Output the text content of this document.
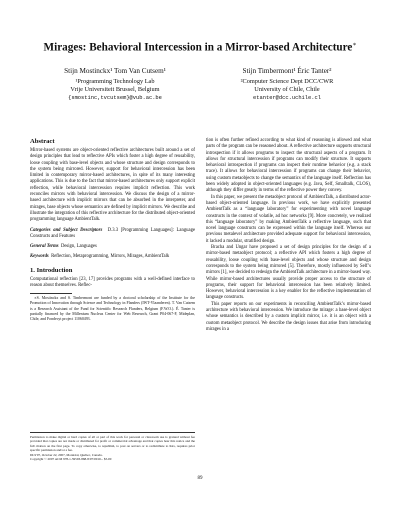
Mirages: Behavioral Intercession in a Mirror-based Architecture∗
Stijn Mostinckx¹ Tom Van Cutsem¹
¹Programming Technology Lab
Vrije Universiteit Brussel, Belgium
{smostinc,tvcutsem}@vub.ac.be
Stijn Timbermont¹ Éric Tanter²
²Computer Science Dept DCC/CWR
University of Chile, Chile
etanter@dcc.uchile.cl
Abstract

Mirror-based systems are object-oriented reflective architectures built around a set of design principles that lead to reflective APIs which foster a high degree of reusability, loose coupling with base-level objects and whose structure and design corresponds to the system being mirrored. However, support for behavioral intercession has been limited in contemporary mirror-based architectures, in spite of its many interesting applications. This is due to the fact that mirror-based architectures only support explicit reflection, while behavioral intercession requires implicit reflection. This work reconciles mirrors with behavioral intercession. We discuss the design of a mirror-based architecture with implicit mirrors that can be absorbed in the interpreter, and mirages, base objects whose semantics are defined by implicit mirrors. We describe and illustrate the integration of this reflective architecture for the distributed object-oriented programming language AmbientTalk.

Categories and Subject Descriptors D.3.3 [Programming Languages]: Language Constructs and Features

General Terms Design, Languages

Keywords Reflection, Metaprogramming, Mirrors, Mirages, AmbientTalk

1. Introduction

Computational reflection [23, 17] provides programs with a well-defined interface to reason about themselves. Reflec-

∗S. Mostinckx and S. Timbermont are funded by a doctoral scholarship of the Institute for the Promotion of Innovation through Science and Technology in Flanders (IWT-Vlaanderen). T. Van Cutsem is a Research Assistant of the Fund for Scientific Research Flanders, Belgium (F.W.O.). É. Tanter is partially financed by the Millenium Nucleus Center for Web Research, Grant P04-067-F, Mideplan, Chile, and Fondecyt project 11060493.

Permission to make digital or hard copies of all or part of this work for personal or classroom use is granted without fee provided that copies are not made or distributed for profit or commercial advantage and that copies bear this notice and the full citation on the first page. To copy otherwise, to republish, to post on servers or to redistribute to lists, requires prior specific permission and/or a fee.

DLS'07, October 22, 2007, Montréal, Québec, Canada.

Copyright © 2007 ACM 978-1-59593-868-8/07/0010... $5.00

tion is often further refined according to what kind of reasoning is allowed and what parts of the program can be reasoned about. A reflective architecture supports structural introspection if it allows programs to inspect the structural aspects of a program. It allows for structural intercession if programs can modify their structure. It supports behavioral introspection if programs can inspect their runtime behavior (e.g. a stack trace). It allows for behavioral intercession if programs can change their behavior, using custom metaobjects to change the semantics of the language itself. Reflection has been widely adopted in object-oriented languages (e.g. Java, Self, Smalltalk, CLOS), although they differ greatly in terms of the reflective power they convey.

In this paper, we present the metaobject protocol of AmbientTalk, a distributed actor-based object-oriented language. In previous work, we have explicitly presented AmbientTalk as a “language laboratory” for experimenting with novel language constructs in the context of volatile, ad hoc networks [9]. More concretely, we realized this “language laboratory” by making AmbientTalk a reflective language, such that novel language constructs can be expressed within the language itself. Whereas our previous metalevel architecture provided adequate support for behavioral intercession, it lacked a modular, stratified design.

Bracha and Ungar have proposed a set of design principles for the design of a mirror-based metaobject protocol; a reflective API which fosters a high degree of reusability, loose coupling with base-level objects and whose structure and design corresponds to the system being mirrored [5]. Therefore, mostly influenced by Self’s mirrors [1], we decided to redesign the AmbientTalk architecture in a mirror-based way. While mirror-based architectures usually provide proper access to the structure of programs, their support for behavioral intercession has been relatively limited. However, behavioral intercession is a key enabler for the reflective implementation of language constructs.

This paper reports on our experiments in reconciling AmbientTalk’s mirror-based architecture with behavioral intercession. We introduce the mirage: a base-level object whose semantics is described by a custom implicit mirror, i.e. it is an object with a custom metaobject protocol. We describe the design issues that arise from introducing mirages in a

89
